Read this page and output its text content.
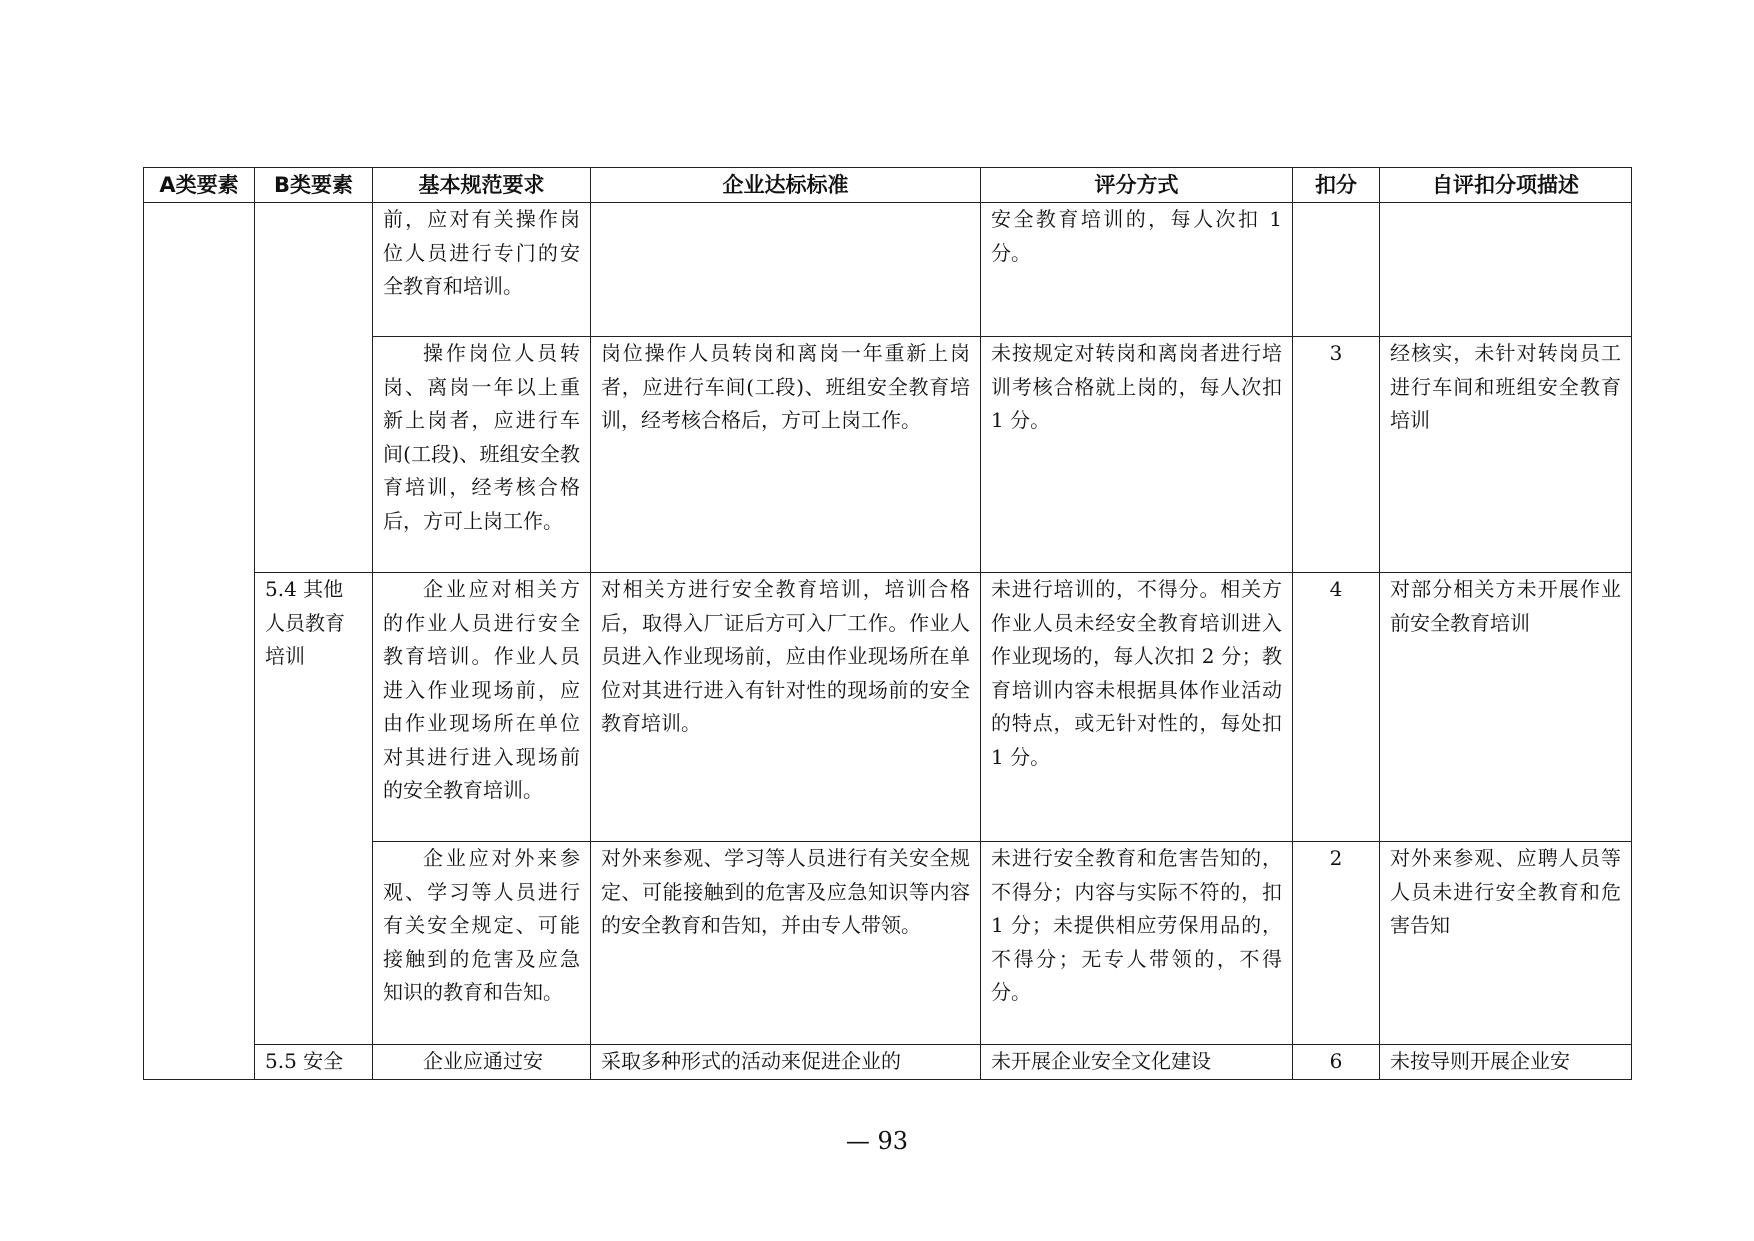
A类要素	B类要素	基本规范要求	企业达标标准	评分方式	扣分	自评扣分项描述
		前，应对有关操作岗位人员进行专门的安全教育和培训。		安全教育培训的，每人次扣 1 分。		

		操作岗位人员转岗、离岗一年以上重新上岗者，应进行车间(工段)、班组安全教育培训，经考核合格后，方可上岗工作。	岗位操作人员转岗和离岗一年重新上岗者，应进行车间(工段)、班组安全教育培训，经考核合格后，方可上岗工作。	未按规定对转岗和离岗者进行培训考核合格就上岗的，每人次扣 1 分。	3	经核实，未针对转岗员工进行车间和班组安全教育培训
	5.4 其他人员教育培训	企业应对相关方的作业人员进行安全教育培训。作业人员进入作业现场前，应由作业现场所在单位对其进行进入现场前的安全教育培训。	对相关方进行安全教育培训，培训合格后，取得入厂证后方可入厂工作。作业人员进入作业现场前，应由作业现场所在单位对其进行进入有针对性的现场前的安全教育培训。	未进行培训的，不得分。相关方作业人员未经安全教育培训进入作业现场的，每人次扣 2 分；教育培训内容未根据具体作业活动的特点，或无针对性的，每处扣 1 分。	4	对部分相关方未开展作业前安全教育培训

		企业应对外来参观、学习等人员进行有关安全规定、可能接触到的危害及应急知识的教育和告知。	对外来参观、学习等人员进行有关安全规定、可能接触到的危害及应急知识等内容的安全教育和告知，并由专人带领。	未进行安全教育和危害告知的，不得分；内容与实际不符的，扣 1 分；未提供相应劳保用品的，不得分；无专人带领的，不得分。	2	对外来参观、应聘人员等人员未进行安全教育和危害告知
	5.5 安全	企业应通过安	采取多种形式的活动来促进企业的	未开展企业安全文化建设	6	未按导则开展企业安
— 93
